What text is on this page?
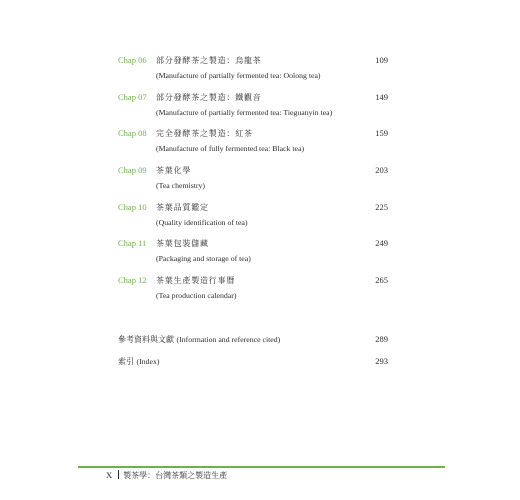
Chap 06 部分發酵茶之製造：烏龍茶
(Manufacture of partially fermented tea: Oolong tea)
109
Chap 07 部分發酵茶之製造：鐵觀音
(Manufacture of partially fermented tea: Tieguanyin tea)
149
Chap 08 完全發酵茶之製造：紅茶
(Manufacture of fully fermented tea: Black tea)
159
Chap 09 茶葉化學
(Tea chemistry)
203
Chap 10 茶葉品質鑑定
(Quality identification of tea)
225
Chap 11 茶葉包裝儲藏
(Packaging and storage of tea)
249
Chap 12 茶葉生產製造行事曆
(Tea production calendar)
265
參考資料與文獻 (Information and reference cited)	289
索引 (Index)	293
X 製茶學：台灣茶類之製造生產
